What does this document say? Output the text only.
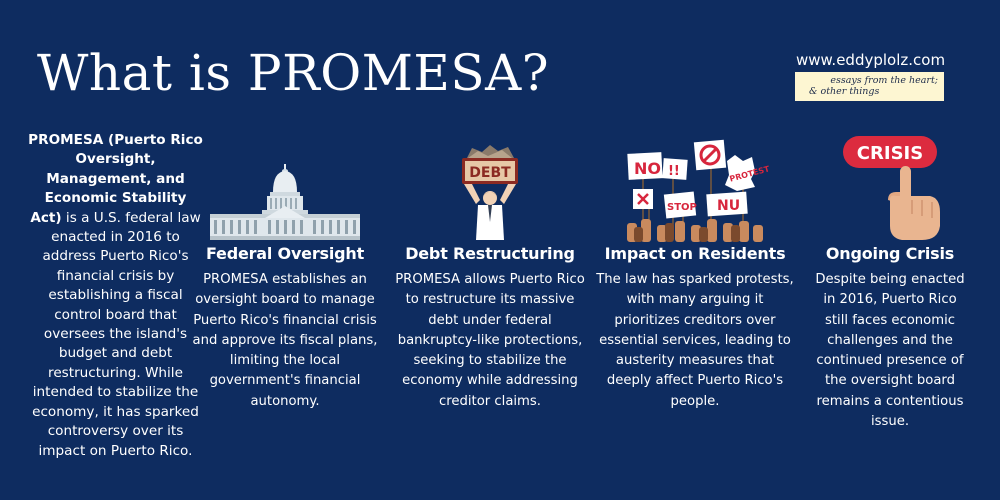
What is PROMESA?	www.eddyplolz.com
essays from the heart;
& other things
PROMESA (Puerto Rico Oversight, Management, and Economic Stability Act) is a U.S. federal law enacted in 2016 to address Puerto Rico's financial crisis by establishing a fiscal control board that oversees the island's budget and debt restructuring. While intended to stabilize the economy, it has sparked controversy over its impact on Puerto Rico.
Federal Oversight

PROMESA establishes an oversight board to manage Puerto Rico's financial crisis and approve its fiscal plans, limiting the local government's financial autonomy.

DEBT
Debt Restructuring

PROMESA allows Puerto Rico to restructure its massive debt under federal bankruptcy-like protections, seeking to stabilize the economy while addressing creditor claims.

NO !!	PROTEST
STOP NU
Impact on Residents

The law has sparked protests, with many arguing it prioritizes creditors over essential services, leading to austerity measures that deeply affect Puerto Rico's people.

CRISIS
Ongoing Crisis

Despite being enacted in 2016, Puerto Rico still faces economic challenges and the continued presence of the oversight board remains a contentious issue.
